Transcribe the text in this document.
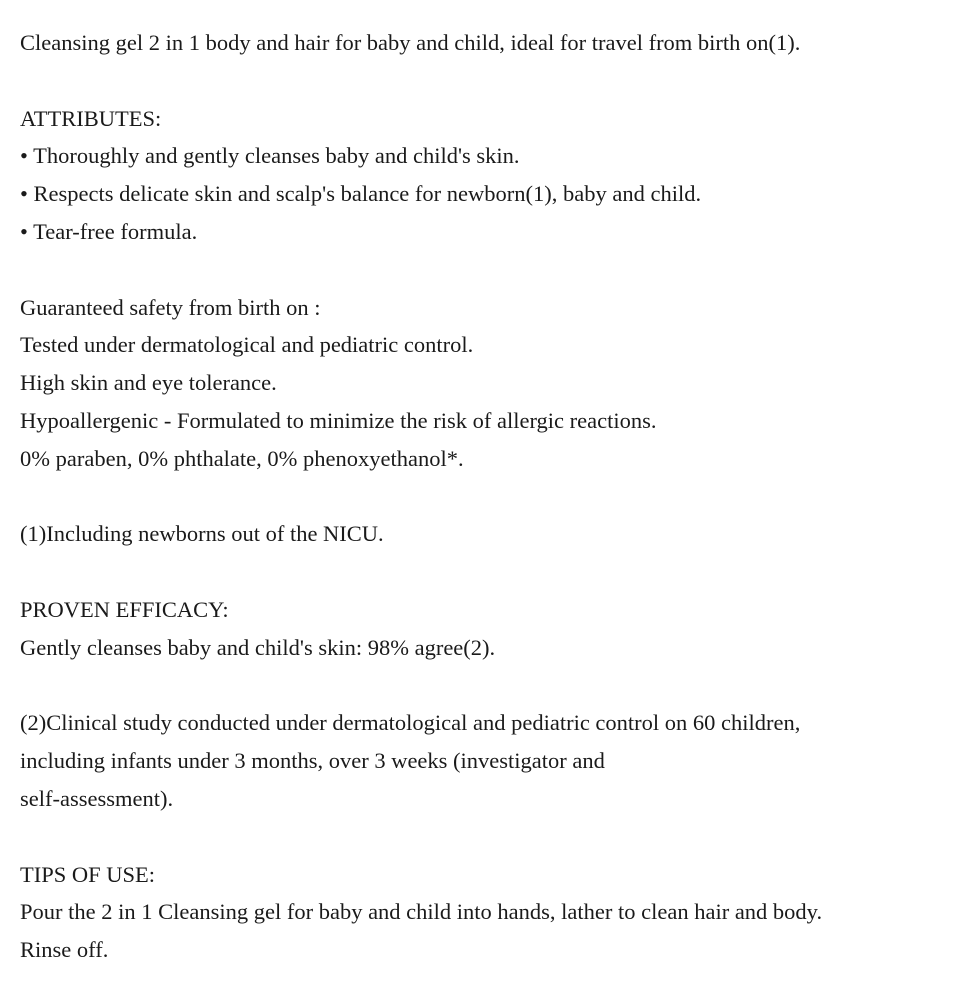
Cleansing gel 2 in 1 body and hair for baby and child, ideal for travel from birth on(1).
ATTRIBUTES:
• Thoroughly and gently cleanses baby and child's skin.
• Respects delicate skin and scalp's balance for newborn(1), baby and child.
• Tear-free formula.
Guaranteed safety from birth on :
Tested under dermatological and pediatric control.
High skin and eye tolerance.
Hypoallergenic - Formulated to minimize the risk of allergic reactions.
0% paraben, 0% phthalate, 0% phenoxyethanol*.
(1)Including newborns out of the NICU.
PROVEN EFFICACY:
Gently cleanses baby and child's skin: 98% agree(2).
(2)Clinical study conducted under dermatological and pediatric control on 60 children,
including infants under 3 months, over 3 weeks (investigator and
self-assessment).
TIPS OF USE:
Pour the 2 in 1 Cleansing gel for baby and child into hands, lather to clean hair and body.
Rinse off.
